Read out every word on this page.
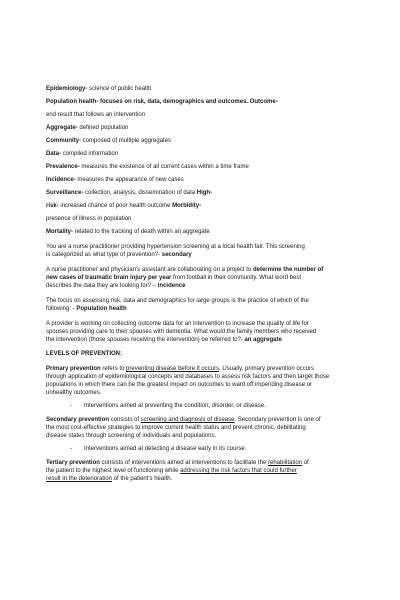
Epidemiology- science of public health
Population health- focuses on risk, data, demographics and outcomes. Outcome-
end result that follows an intervention
Aggregate- defined population
Community- composed of multiple aggregates
Data- compiled information
Prevalence- measures the existence of all current cases within a time frame
Incidence- measures the appearance of new cases
Surveillance- collection, analysis, dissemination of data High-
risk- increased chance of poor health outcome Morbidity-
presence of illness in population
Mortality- related to the tracking of death within an aggregate
You are a nurse practitioner providing hypertension screening at a local health fair. This screening
is categorized as what type of prevention?- secondary
A nurse practitioner and physician's assistant are collaborating on a project to determine the number of
new cases of traumatic brain injury per year from football in their community. What word best
describes the data they are looking for? – incidence
The focus on assessing risk, data and demographics for large groups is the practice of which of the
following: - Population health
A provider is working on collecting outcome data for an intervention to increase the quality of life for
spouses providing care to their spouses with dementia. What would the family members who received
the intervention (those spouses receiving the intervention) be referred to?- an aggregate
LEVELS OF PREVENTION:
Primary prevention refers to preventing disease before it occurs. Usually, primary prevention occurs
through application of epidemiological concepts and databases to assess risk factors and then target those
populations in which there can be the greatest impact on outcomes to ward off impending disease or
unhealthy outcomes.
- Interventions aimed at preventing the condition, disorder, or disease.
Secondary prevention consists of screening and diagnosis of disease. Secondary prevention is one of
the most cost-effective strategies to improve current health status and prevent chronic, debilitating
disease states through screening of individuals and populations.
- Interventions aimed at detecting a disease early in its course.
Tertiary prevention consists of interventions aimed at interventions to facilitate the rehabilitation of
the patient to the highest level of functioning while addressing the risk factors that could further
result in the deterioration of the patient's health.
